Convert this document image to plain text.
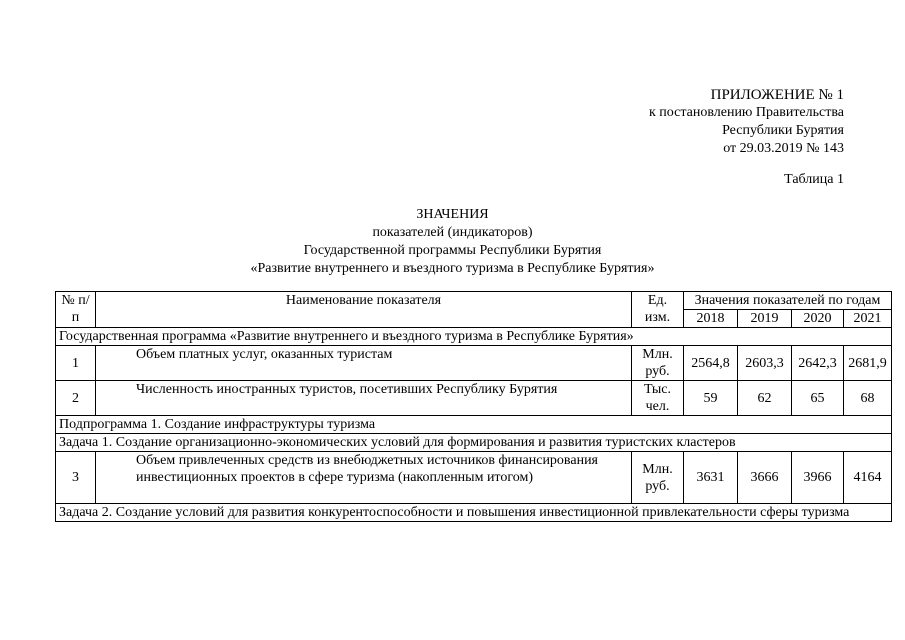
ПРИЛОЖЕНИЕ № 1
к постановлению Правительства
Республики Бурятия
от 29.03.2019 № 143
Таблица 1
ЗНАЧЕНИЯ
показателей (индикаторов)
Государственной программы Республики Бурятия
«Развитие внутреннего и въездного туризма в Республике Бурятия»
№ п/п	Наименование показателя	Ед. изм.	Значения показателей по годам			
			2018	2019	2020	2021
Государственная программа «Развитие внутреннего и въездного туризма в Республике Бурятия»						
1	Объем платных услуг, оказанных туристам	Млн. руб.	2564,8	2603,3	2642,3	2681,9
2	Численность иностранных туристов, посетивших Республику Бурятия	Тыс. чел.	59	62	65	68
Подпрограмма 1. Создание инфраструктуры туризма						
Задача 1. Создание организационно-экономических условий для формирования и развития туристских кластеров						
3	Объем привлеченных средств из внебюджетных источников финансирования инвестиционных проектов в сфере туризма (накопленным итогом)	Млн. руб.	3631	3666	3966	4164
Задача 2. Создание условий для развития конкурентоспособности и повышения инвестиционной привлекательности сферы туризма						
